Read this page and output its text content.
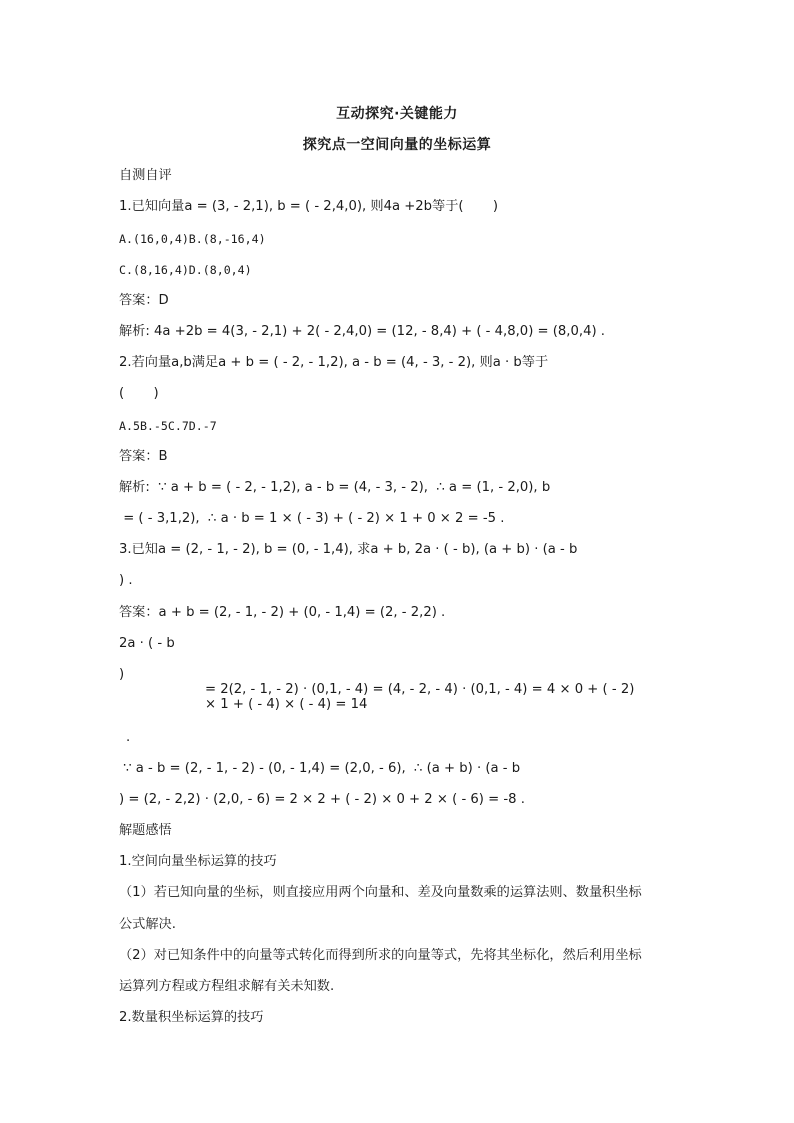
互动探究·关键能力
探究点一空间向量的坐标运算
自测自评
1.已知向量a = (3, - 2,1), b = ( - 2,4,0), 则4a +2b等于(       )
A.(16,0,4)B.(8,-16,4)
C.(8,16,4)D.(8,0,4)
答案：D
解析: 4a +2b = 4(3, - 2,1) + 2( - 2,4,0) = (12, - 8,4) + ( - 4,8,0) = (8,0,4) .
2.若向量a,b满足a + b = ( - 2, - 1,2), a - b = (4, - 3, - 2), 则a · b等于
(       )
A.5B.-5C.7D.-7
答案：B
解析:  ∵ a + b = ( - 2, - 1,2), a - b = (4, - 3, - 2),  ∴ a = (1, - 2,0), b
= ( - 3,1,2),  ∴ a · b = 1 × ( - 3) + ( - 2) × 1 + 0 × 2 = -5 .
3.已知a = (2, - 1, - 2), b = (0, - 1,4), 求a + b, 2a · ( - b), (a + b) · (a - b
) .
答案：a + b = (2, - 1, - 2) + (0, - 1,4) = (2, - 2,2) .
2a · ( - b
)
= 2(2, - 1, - 2) · (0,1, - 4) = (4, - 2, - 4) · (0,1, - 4) = 4 × 0 + ( - 2)
× 1 + ( - 4) × ( - 4) = 14
.
∵ a - b = (2, - 1, - 2) - (0, - 1,4) = (2,0, - 6),  ∴ (a + b) · (a - b
) = (2, - 2,2) · (2,0, - 6) = 2 × 2 + ( - 2) × 0 + 2 × ( - 6) = -8 .
解题感悟
1.空间向量坐标运算的技巧
（1）若已知向量的坐标，则直接应用两个向量和、差及向量数乘的运算法则、数量积坐标
公式解决.
（2）对已知条件中的向量等式转化而得到所求的向量等式，先将其坐标化，然后利用坐标
运算列方程或方程组求解有关未知数.
2.数量积坐标运算的技巧
